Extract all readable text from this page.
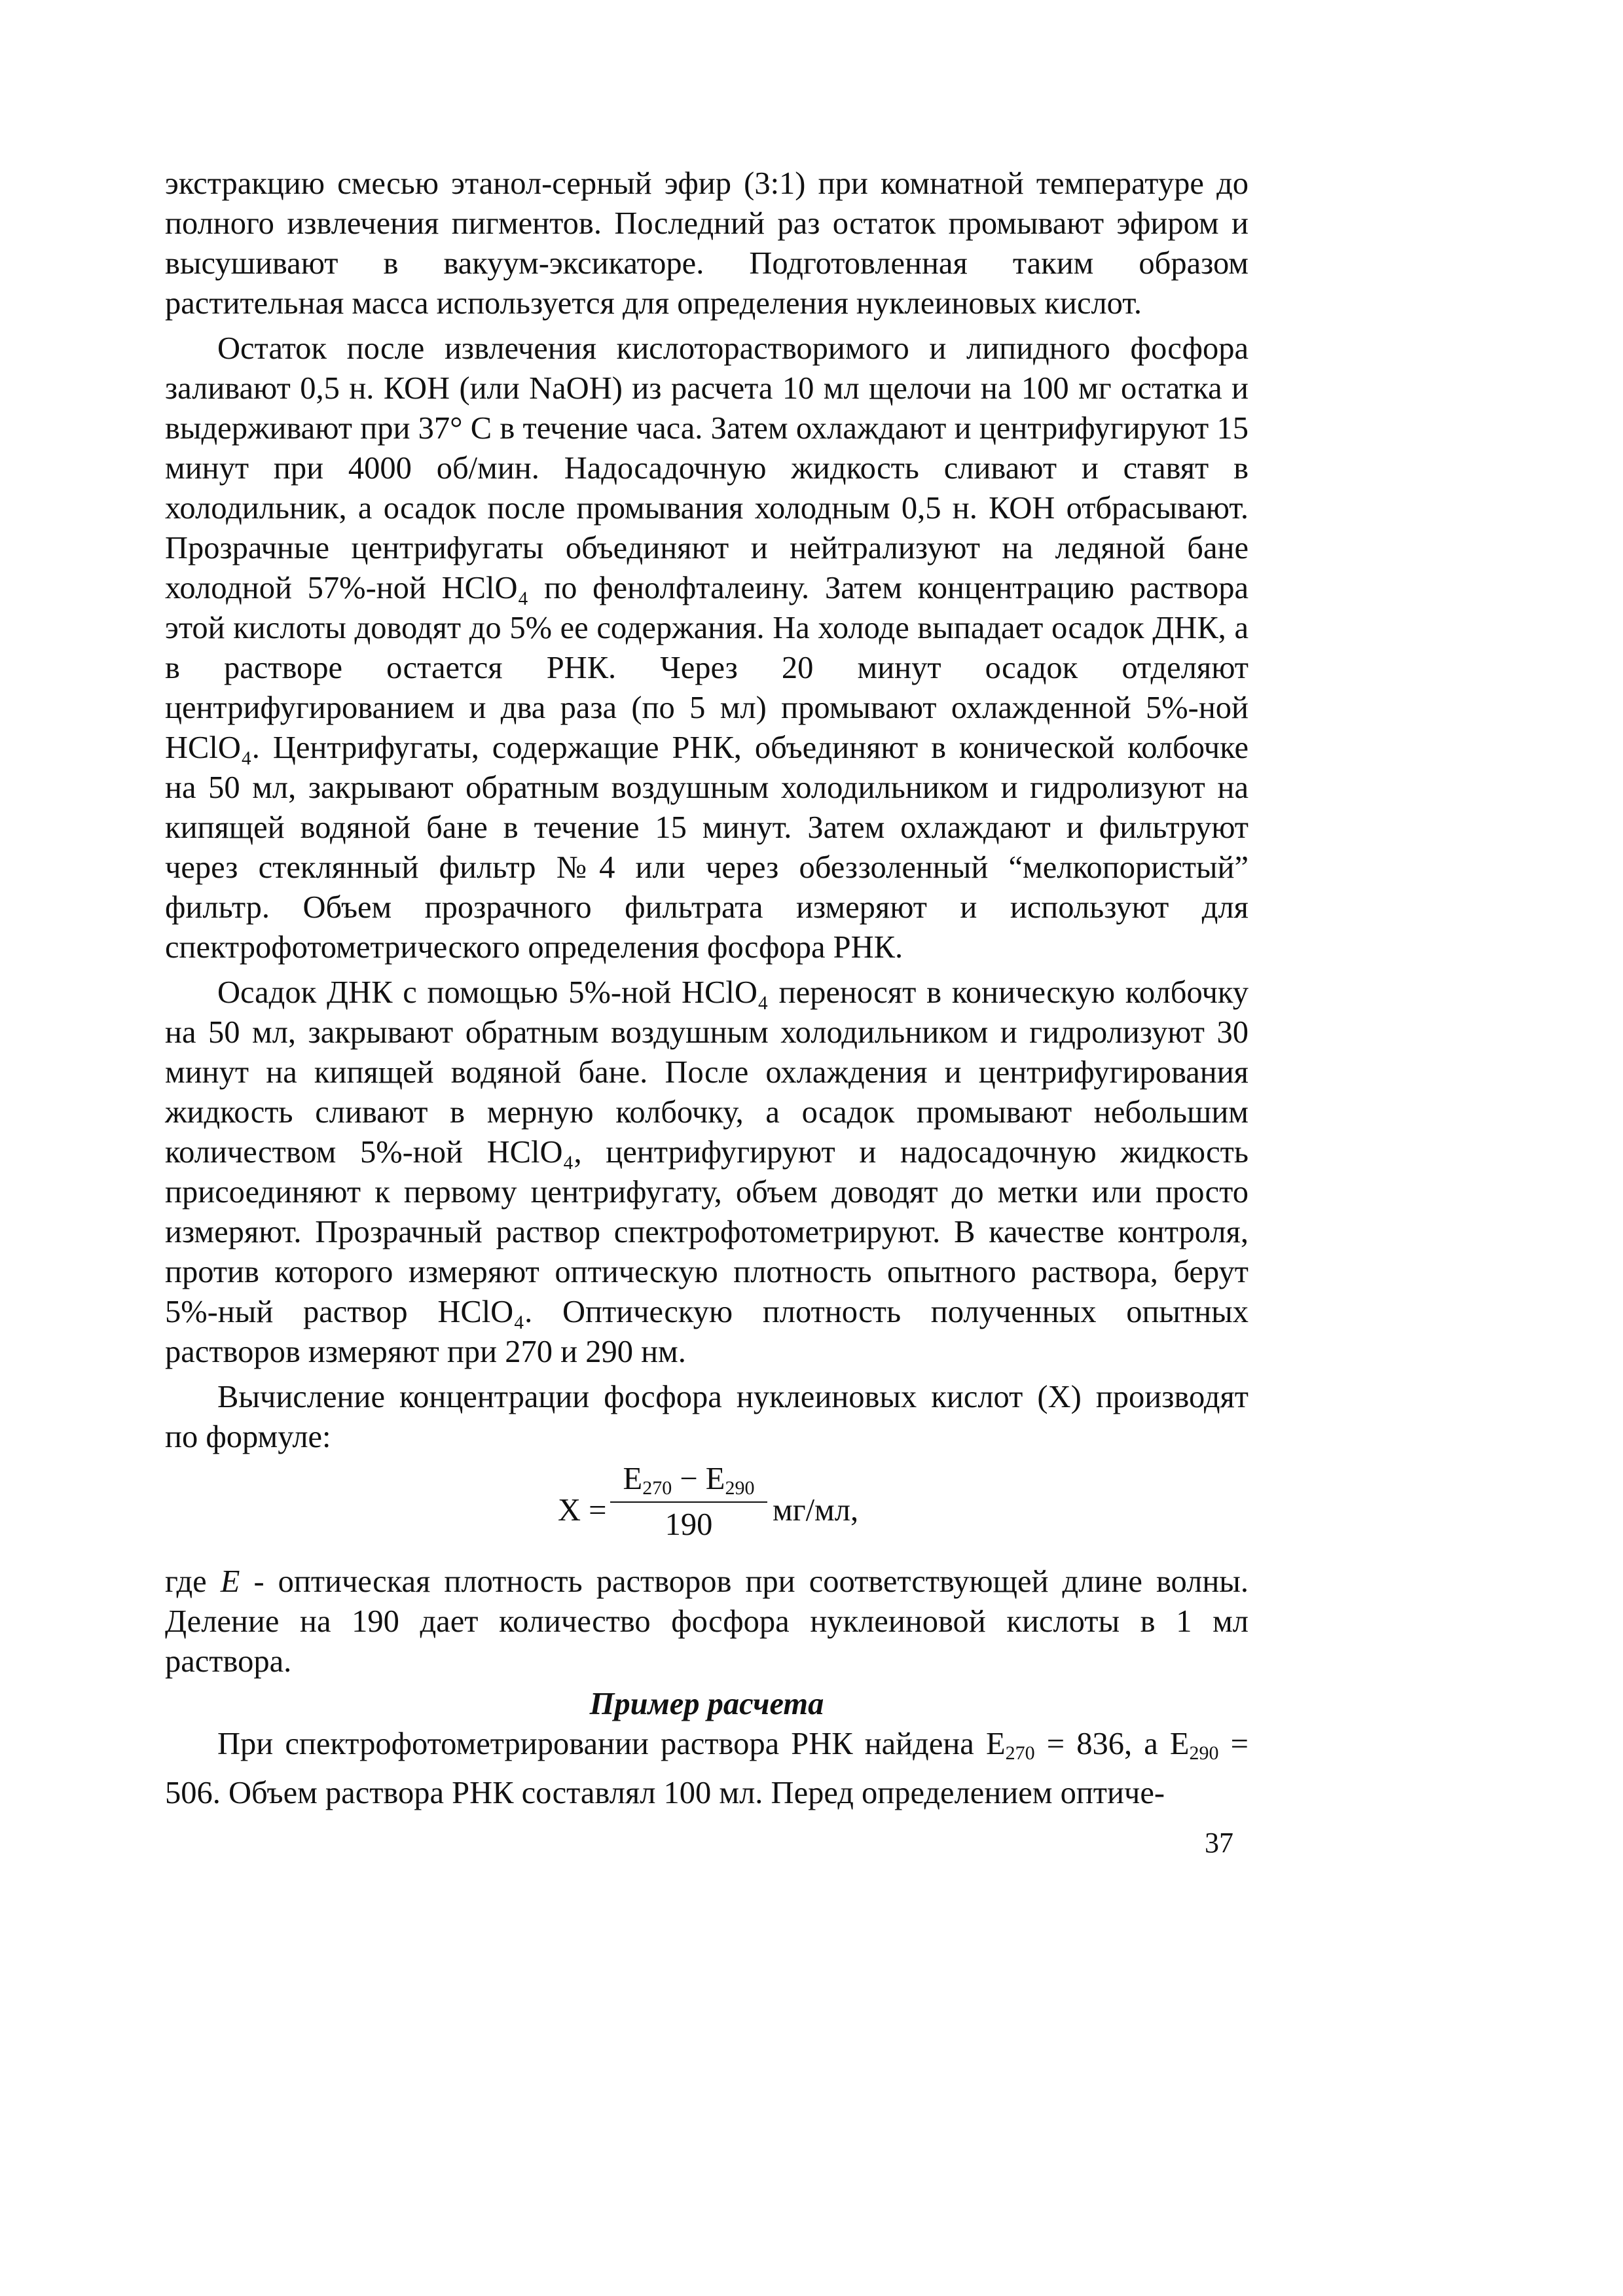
экстракцию смесью этанол-серный эфир (3:1) при комнатной температуре до полного извлечения пигментов. Последний раз остаток промывают эфиром и высушивают в вакуум-эксикаторе. Подготовленная таким образом растительная масса используется для определения нуклеиновых кислот.

Остаток после извлечения кислоторастворимого и липидного фосфора заливают 0,5 н. КОН (или NaOH) из расчета 10 мл щелочи на 100 мг остатка и выдерживают при 37° С в течение часа. Затем охлаждают и центрифугируют 15 минут при 4000 об/мин. Надосадочную жидкость сливают и ставят в холодильник, а осадок после промывания холодным 0,5 н. КОН отбрасывают. Прозрачные центрифугаты объединяют и нейтрализуют на ледяной бане холодной 57%-ной HClO₄ по фенолфталеину. Затем концентрацию раствора этой кислоты доводят до 5% ее содержания. На холоде выпадает осадок ДНК, а в растворе остается РНК. Через 20 минут осадок отделяют центрифугированием и два раза (по 5 мл) промывают охлажденной 5%-ной HClO₄. Центрифугаты, содержащие РНК, объединяют в конической колбочке на 50 мл, закрывают обратным воздушным холодильником и гидролизуют на кипящей водяной бане в течение 15 минут. Затем охлаждают и фильтруют через стеклянный фильтр №4 или через обеззоленный “мелкопористый” фильтр. Объем прозрачного фильтрата измеряют и используют для спектрофотометрического определения фосфора РНК.

Осадок ДНК с помощью 5%-ной HClO₄ переносят в коническую колбочку на 50 мл, закрывают обратным воздушным холодильником и гидролизуют 30 минут на кипящей водяной бане. После охлаждения и центрифугирования жидкость сливают в мерную колбочку, а осадок промывают небольшим количеством 5%-ной HClO₄, центрифугируют и надосадочную жидкость присоединяют к первому центрифугату, объем доводят до метки или просто измеряют. Прозрачный раствор спектрофотометрируют. В качестве контроля, против которого измеряют оптическую плотность опытного раствора, берут 5%-ный раствор HClO₄. Оптическую плотность полученных опытных растворов измеряют при 270 и 290 нм.

Вычисление концентрации фосфора нуклеиновых кислот (X) производят по формуле:

X =
$E_{270} - E_{290}$
190	мг/мл,

где E - оптическая плотность растворов при соответствующей длине волны. Деление на 190 дает количество фосфора нуклеиновой кислоты в 1 мл раствора.

Пример расчета

При спектрофотометрировании раствора РНК найдена $E_{270} = 836$, а $E_{290} = 506$. Объем раствора РНК составлял 100 мл. Перед определением оптиче-

37
